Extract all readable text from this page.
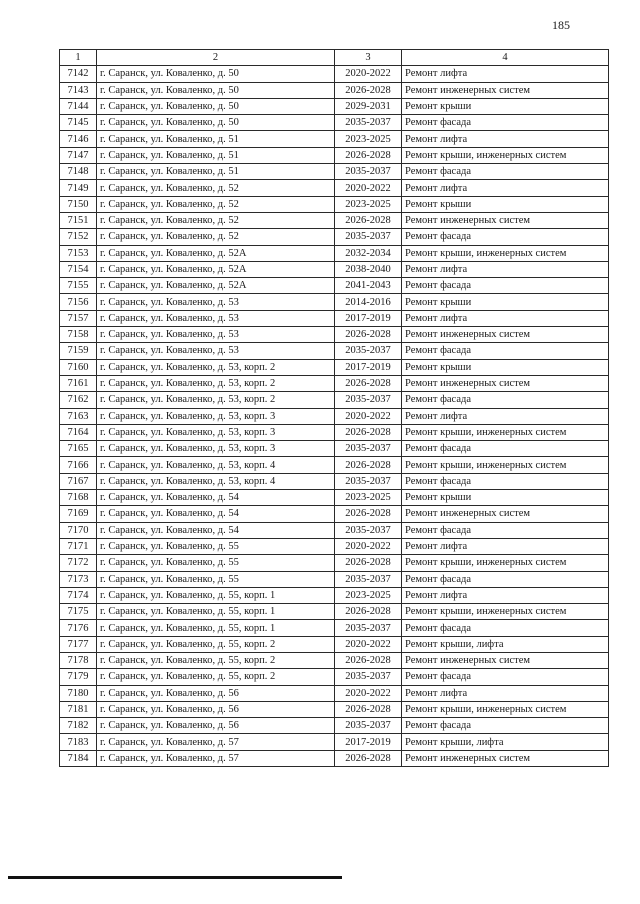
185
1	2	3	4
7142	г. Саранск, ул. Коваленко, д. 50	2020-2022	Ремонт лифта
7143	г. Саранск, ул. Коваленко, д. 50	2026-2028	Ремонт инженерных систем
7144	г. Саранск, ул. Коваленко, д. 50	2029-2031	Ремонт крыши
7145	г. Саранск, ул. Коваленко, д. 50	2035-2037	Ремонт фасада
7146	г. Саранск, ул. Коваленко, д. 51	2023-2025	Ремонт лифта
7147	г. Саранск, ул. Коваленко, д. 51	2026-2028	Ремонт крыши, инженерных систем
7148	г. Саранск, ул. Коваленко, д. 51	2035-2037	Ремонт фасада
7149	г. Саранск, ул. Коваленко, д. 52	2020-2022	Ремонт лифта
7150	г. Саранск, ул. Коваленко, д. 52	2023-2025	Ремонт крыши
7151	г. Саранск, ул. Коваленко, д. 52	2026-2028	Ремонт инженерных систем
7152	г. Саранск, ул. Коваленко, д. 52	2035-2037	Ремонт фасада
7153	г. Саранск, ул. Коваленко, д. 52А	2032-2034	Ремонт крыши, инженерных систем
7154	г. Саранск, ул. Коваленко, д. 52А	2038-2040	Ремонт лифта
7155	г. Саранск, ул. Коваленко, д. 52А	2041-2043	Ремонт фасада
7156	г. Саранск, ул. Коваленко, д. 53	2014-2016	Ремонт крыши
7157	г. Саранск, ул. Коваленко, д. 53	2017-2019	Ремонт лифта
7158	г. Саранск, ул. Коваленко, д. 53	2026-2028	Ремонт инженерных систем
7159	г. Саранск, ул. Коваленко, д. 53	2035-2037	Ремонт фасада
7160	г. Саранск, ул. Коваленко, д. 53, корп. 2	2017-2019	Ремонт крыши
7161	г. Саранск, ул. Коваленко, д. 53, корп. 2	2026-2028	Ремонт инженерных систем
7162	г. Саранск, ул. Коваленко, д. 53, корп. 2	2035-2037	Ремонт фасада
7163	г. Саранск, ул. Коваленко, д. 53, корп. 3	2020-2022	Ремонт лифта
7164	г. Саранск, ул. Коваленко, д. 53, корп. 3	2026-2028	Ремонт крыши, инженерных систем
7165	г. Саранск, ул. Коваленко, д. 53, корп. 3	2035-2037	Ремонт фасада
7166	г. Саранск, ул. Коваленко, д. 53, корп. 4	2026-2028	Ремонт крыши, инженерных систем
7167	г. Саранск, ул. Коваленко, д. 53, корп. 4	2035-2037	Ремонт фасада
7168	г. Саранск, ул. Коваленко, д. 54	2023-2025	Ремонт крыши
7169	г. Саранск, ул. Коваленко, д. 54	2026-2028	Ремонт инженерных систем
7170	г. Саранск, ул. Коваленко, д. 54	2035-2037	Ремонт фасада
7171	г. Саранск, ул. Коваленко, д. 55	2020-2022	Ремонт лифта
7172	г. Саранск, ул. Коваленко, д. 55	2026-2028	Ремонт крыши, инженерных систем
7173	г. Саранск, ул. Коваленко, д. 55	2035-2037	Ремонт фасада
7174	г. Саранск, ул. Коваленко, д. 55, корп. 1	2023-2025	Ремонт лифта
7175	г. Саранск, ул. Коваленко, д. 55, корп. 1	2026-2028	Ремонт крыши, инженерных систем
7176	г. Саранск, ул. Коваленко, д. 55, корп. 1	2035-2037	Ремонт фасада
7177	г. Саранск, ул. Коваленко, д. 55, корп. 2	2020-2022	Ремонт крыши, лифта
7178	г. Саранск, ул. Коваленко, д. 55, корп. 2	2026-2028	Ремонт инженерных систем
7179	г. Саранск, ул. Коваленко, д. 55, корп. 2	2035-2037	Ремонт фасада
7180	г. Саранск, ул. Коваленко, д. 56	2020-2022	Ремонт лифта
7181	г. Саранск, ул. Коваленко, д. 56	2026-2028	Ремонт крыши, инженерных систем
7182	г. Саранск, ул. Коваленко, д. 56	2035-2037	Ремонт фасада
7183	г. Саранск, ул. Коваленко, д. 57	2017-2019	Ремонт крыши, лифта
7184	г. Саранск, ул. Коваленко, д. 57	2026-2028	Ремонт инженерных систем
